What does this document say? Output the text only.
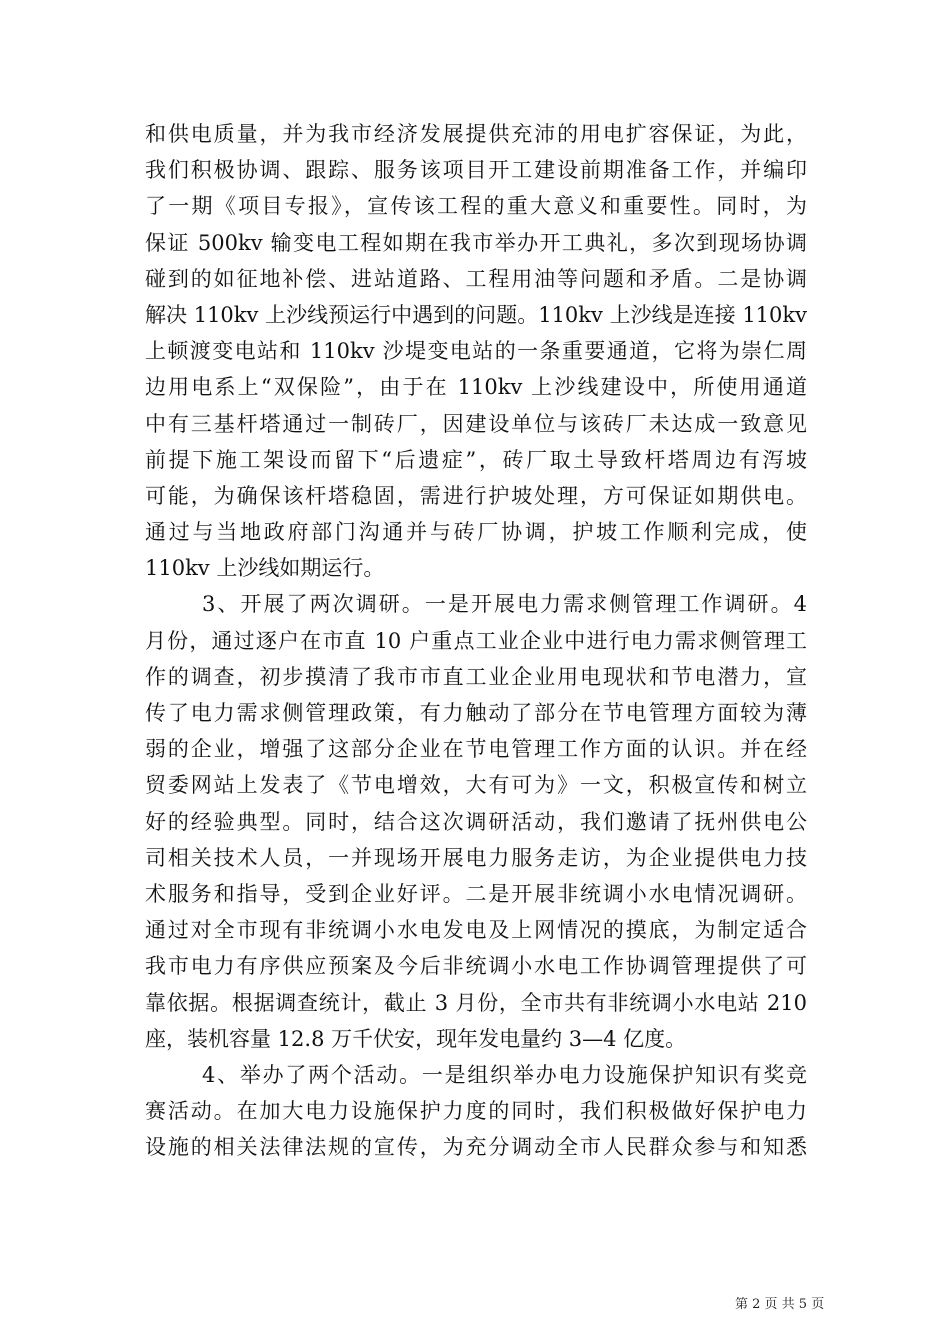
和供电质量，并为我市经济发展提供充沛的用电扩容保证，为此，
我们积极协调、跟踪、服务该项目开工建设前期准备工作，并编印
了一期《项目专报》，宣传该工程的重大意义和重要性。同时，为
保证 500kv 输变电工程如期在我市举办开工典礼，多次到现场协调
碰到的如征地补偿、进站道路、工程用油等问题和矛盾。二是协调
解决 110kv 上沙线预运行中遇到的问题。110kv 上沙线是连接 110kv
上顿渡变电站和 110kv 沙堤变电站的一条重要通道，它将为崇仁周
边用电系上“双保险”，由于在 110kv 上沙线建设中，所使用通道
中有三基杆塔通过一制砖厂，因建设单位与该砖厂未达成一致意见
前提下施工架设而留下“后遗症”，砖厂取土导致杆塔周边有泻坡
可能，为确保该杆塔稳固，需进行护坡处理，方可保证如期供电。
通过与当地政府部门沟通并与砖厂协调，护坡工作顺利完成，使
110kv 上沙线如期运行。
3、开展了两次调研。一是开展电力需求侧管理工作调研。4
月份，通过逐户在市直 10 户重点工业企业中进行电力需求侧管理工
作的调查，初步摸清了我市市直工业企业用电现状和节电潜力，宣
传了电力需求侧管理政策，有力触动了部分在节电管理方面较为薄
弱的企业，增强了这部分企业在节电管理工作方面的认识。并在经
贸委网站上发表了《节电增效，大有可为》一文，积极宣传和树立
好的经验典型。同时，结合这次调研活动，我们邀请了抚州供电公
司相关技术人员，一并现场开展电力服务走访，为企业提供电力技
术服务和指导，受到企业好评。二是开展非统调小水电情况调研。
通过对全市现有非统调小水电发电及上网情况的摸底，为制定适合
我市电力有序供应预案及今后非统调小水电工作协调管理提供了可
靠依据。根据调查统计，截止 3 月份，全市共有非统调小水电站 210
座，装机容量 12.8 万千伏安，现年发电量约 3—4 亿度。
4、举办了两个活动。一是组织举办电力设施保护知识有奖竞
赛活动。在加大电力设施保护力度的同时，我们积极做好保护电力
设施的相关法律法规的宣传，为充分调动全市人民群众参与和知悉
第 2 页 共 5 页
